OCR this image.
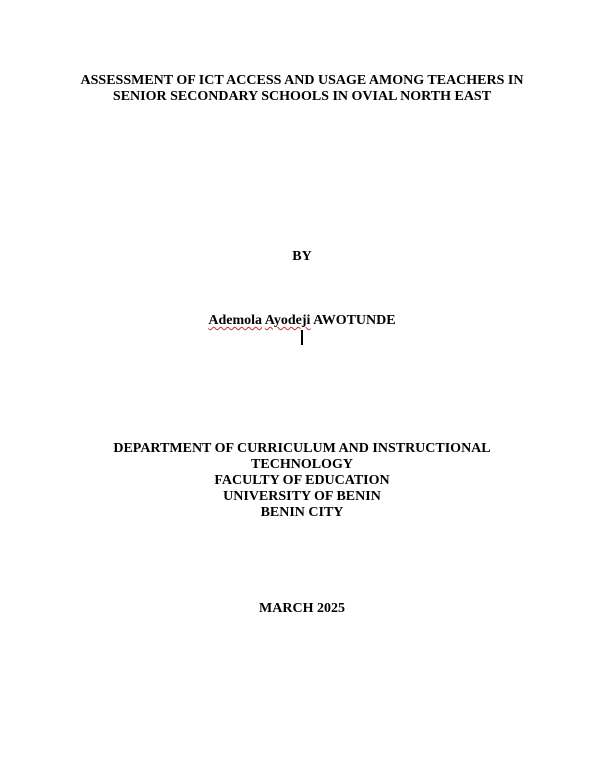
ASSESSMENT OF ICT ACCESS AND USAGE AMONG TEACHERS IN
SENIOR SECONDARY SCHOOLS IN OVIAL NORTH EAST
BY
Ademola Ayodeji AWOTUNDE
DEPARTMENT OF CURRICULUM AND INSTRUCTIONAL
TECHNOLOGY
FACULTY OF EDUCATION
UNIVERSITY OF BENIN
BENIN CITY
MARCH 2025
